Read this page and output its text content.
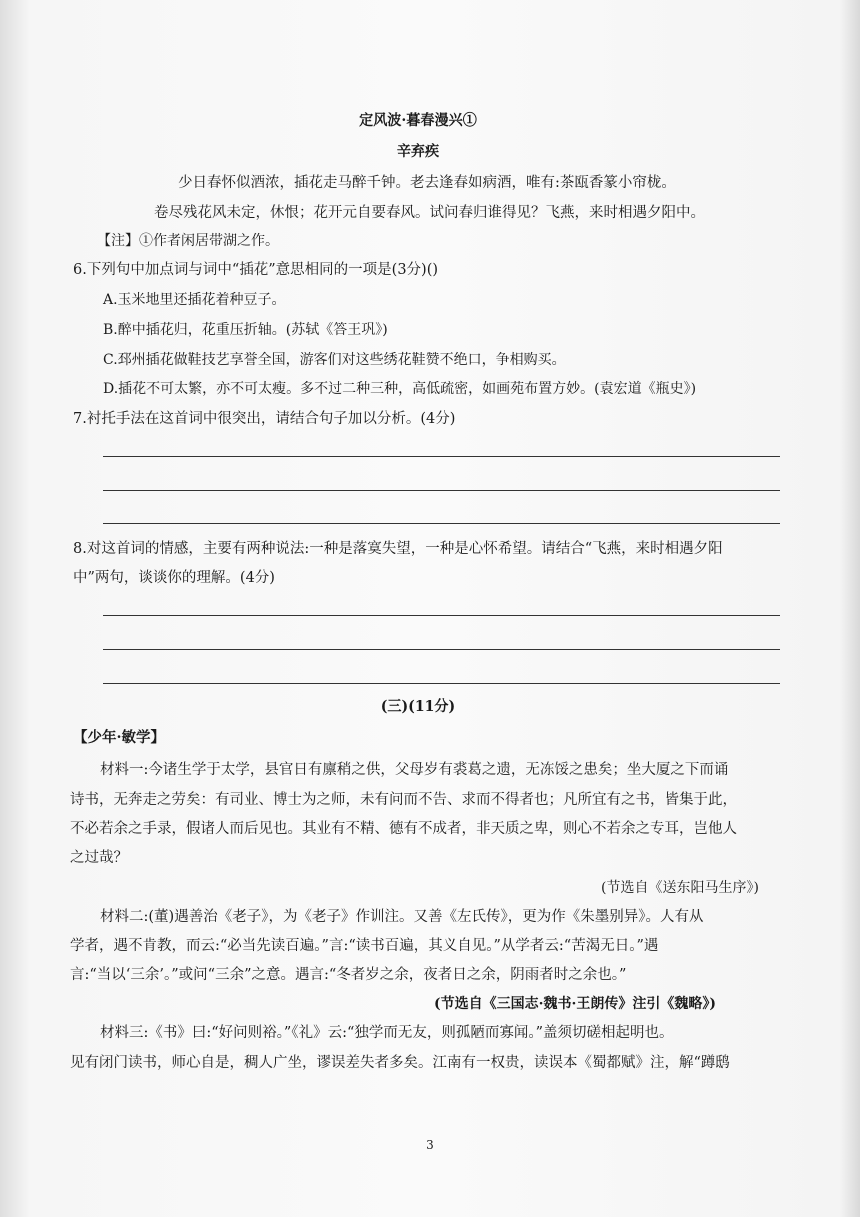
定风波·暮春漫兴①
辛弃疾
少日春怀似酒浓，插花走马醉千钟。老去逢春如病酒，唯有:茶瓯香篆小帘栊。
卷尽残花风未定，休恨；花开元自要春风。试问春归谁得见？飞燕，来时相遇夕阳中。
【注】①作者闲居带湖之作。
6.下列句中加点词与词中“插花”意思相同的一项是(3分)()
A.玉米地里还插花着种豆子。
B.醉中插花归，花重压折轴。(苏轼《答王巩》)
C.邳州插花做鞋技艺享誉全国，游客们对这些绣花鞋赞不绝口，争相购买。
D.插花不可太繁，亦不可太瘦。多不过二种三种，高低疏密，如画苑布置方妙。(袁宏道《瓶史》)
7.衬托手法在这首词中很突出，请结合句子加以分析。(4分)
8.对这首词的情感，主要有两种说法:一种是落寞失望，一种是心怀希望。请结合“飞燕，来时相遇夕阳
中”两句，谈谈你的理解。(4分)
(三)(11分)
【少年·敏学】
材料一:今诸生学于太学，县官日有廪稍之供，父母岁有裘葛之遗，无冻馁之患矣；坐大厦之下而诵
诗书，无奔走之劳矣：有司业、博士为之师，未有问而不告、求而不得者也；凡所宜有之书，皆集于此，
不必若余之手录，假诸人而后见也。其业有不精、德有不成者，非天质之卑，则心不若余之专耳，岂他人
之过哉？
(节选自《送东阳马生序》)
材料二:(董)遇善治《老子》，为《老子》作训注。又善《左氏传》，更为作《朱墨别异》。人有从
学者，遇不肯教，而云:“必当先读百遍。”言:“读书百遍，其义自见。”从学者云:“苦渴无日。”遇
言:“当以‘三余’。”或问“三余”之意。遇言:“冬者岁之余，夜者日之余，阴雨者时之余也。”
(节选自《三国志·魏书·王朗传》注引《魏略》)
材料三:《书》曰:“好问则裕。”《礼》云:“独学而无友，则孤陋而寡闻。”盖须切磋相起明也。
见有闭门读书，师心自是，稠人广坐，谬误差失者多矣。江南有一权贵，读误本《蜀都赋》注，解“蹲鸱
3
